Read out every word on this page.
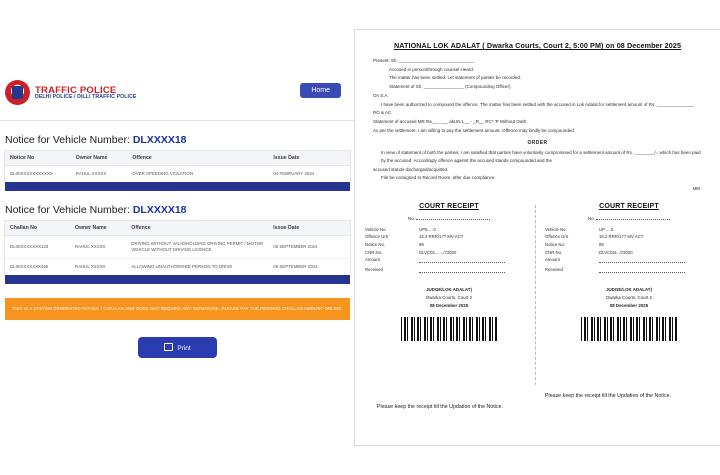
TRAFFIC POLICE
DELHI POLICE / DILLI TRAFFIC POLICE
Home
Notice for Vehicle Number: DLXXXX18
Notice No	Owner Name	Offence	Issue Date
DL00XXXXXXXXXXX	RAHUL XXXXX	OVER SPEEDING VIOLATION	04 FEBRUARY 2024
Notice for Vehicle Number: DLXXXX18
Challan No	Owner Name	Offence	Issue Date
DL00XXXXXXX123	RAHUL XXXXX	DRIVING WITHOUT VALID/HOLDING DRIVING PERMIT / MOTOR VEHICLE WITHOUT DRIVING LICENCE	06 SEPTEMBER 2024
DL00XXXXXXX456	RAHUL XXXXX	ALLOWING UNAUTHORISED PERSON TO DRIVE	06 SEPTEMBER 2024
THIS IS A SYSTEM GENERATED NOTICE / CHALLAN AND DOES NOT REQUIRE ANY SIGNATURE. PLEASE PAY THE PENDING CHALLAN AMOUNT ONLINE.
Print
NATIONAL LOK ADALAT ( Dwarka Courts, Court 2, 5:00 PM) on 08 December 2025

Present: Sh. ______________________________

Accused in person/through counsel Heard.

The matter has been settled. Let statement of parties be recorded.

Statement of Sh. ________________ (Compounding Officer)

On S.A.

I have been authorized to compound the offence. The matter has been settled with the accused in Lok Adalat for settlement amount of Rs. _______________

RO & AC

Statement of accused MR Ra___ ___ akUN L__ - _R__ RC* 'P Without Oath:

As per the settlement, I am willing to pay the settlement amount. Offence may kindly be compounded.

ORDER

In view of statement of both the parties, I am satisfied that parties have voluntarily compromised for a settlement amount of Rs. ________/-, which has been paid by the accused. Accordingly offence against the accused stands compounded and the

accused stands discharged/acquitted.

File be consigned to Record Room, after due compliance.

MM
COURT RECEIPT
No.
Vehicle No.	UP5... .0
Offence U/S	15.2 RRR/177 MV ACT
Notice No.	89
CNR No.	DLVC02......./72020
Amount	
Received	
JUDGE/LOK ADALAT)
Dwarka Courts, Court 2
08 December 2025
COURT RECEIPT
No.
Vehicle No.	UP ....0
Offence U/S	15.2 RRR/177 MV ACT
Notice No.	89
CNR No.	DLVC02L ./72020
Amount	
Received	
JUDGE/LOK ADALAT)
Dwarka Courts, Court 2
08 December 2025
Please keep the receipt till the Updation of the Notice.
Please keep the receipt till the Updation of the Notice.
